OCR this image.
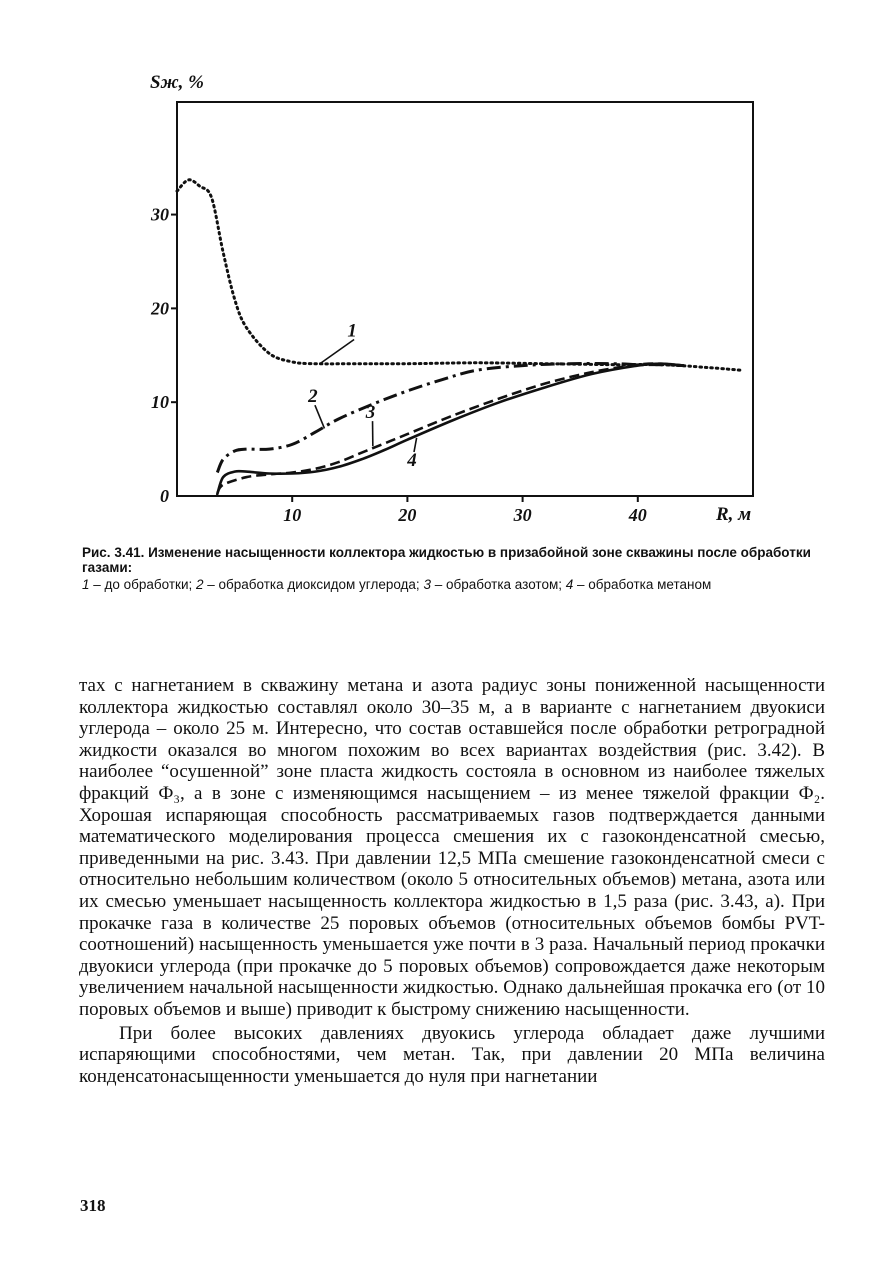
Sж, %
0
10
20
30
10	20	30	40
1
2
3
4
R, м
Рис. 3.41. Изменение насыщенности коллектора жидкостью в призабойной зоне скважины после обработки газами:
1 – до обработки; 2 – обработка диоксидом углерода; 3 – обработка азотом; 4 – обработка метаном

тах с нагнетанием в скважину метана и азота радиус зоны пониженной насыщенности коллектора жидкостью составлял около 30–35 м, а в варианте с нагнетанием двуокиси углерода – около 25 м. Интересно, что состав оставшейся после обработки ретроградной жидкости оказался во многом похожим во всех вариантах воздействия (рис. 3.42). В наиболее “осушенной” зоне пласта жидкость состояла в основном из наиболее тяжелых фракций Ф₃, а в зоне с изменяющимся насыщением – из менее тяжелой фракции Ф₂. Хорошая испаряющая способность рассматриваемых газов подтверждается данными математического моделирования процесса смешения их с газоконденсатной смесью, приведенными на рис. 3.43. При давлении 12,5 МПа смешение газоконденсатной смеси с относительно небольшим количеством (около 5 относительных объемов) метана, азота или их смесью уменьшает насыщенность коллектора жидкостью в 1,5 раза (рис. 3.43, а). При прокачке газа в количестве 25 поровых объемов (относительных объемов бомбы PVT-соотношений) насыщенность уменьшается уже почти в 3 раза. Начальный период прокачки двуокиси углерода (при прокачке до 5 поровых объемов) сопровождается даже некоторым увеличением начальной насыщенности жидкостью. Однако дальнейшая прокачка его (от 10 поровых объемов и выше) приводит к быстрому снижению насыщенности.

При более высоких давлениях двуокись углерода обладает даже лучшими испаряющими способностями, чем метан. Так, при давлении 20 МПа величина конденсатонасыщенности уменьшается до нуля при нагнетании

318
